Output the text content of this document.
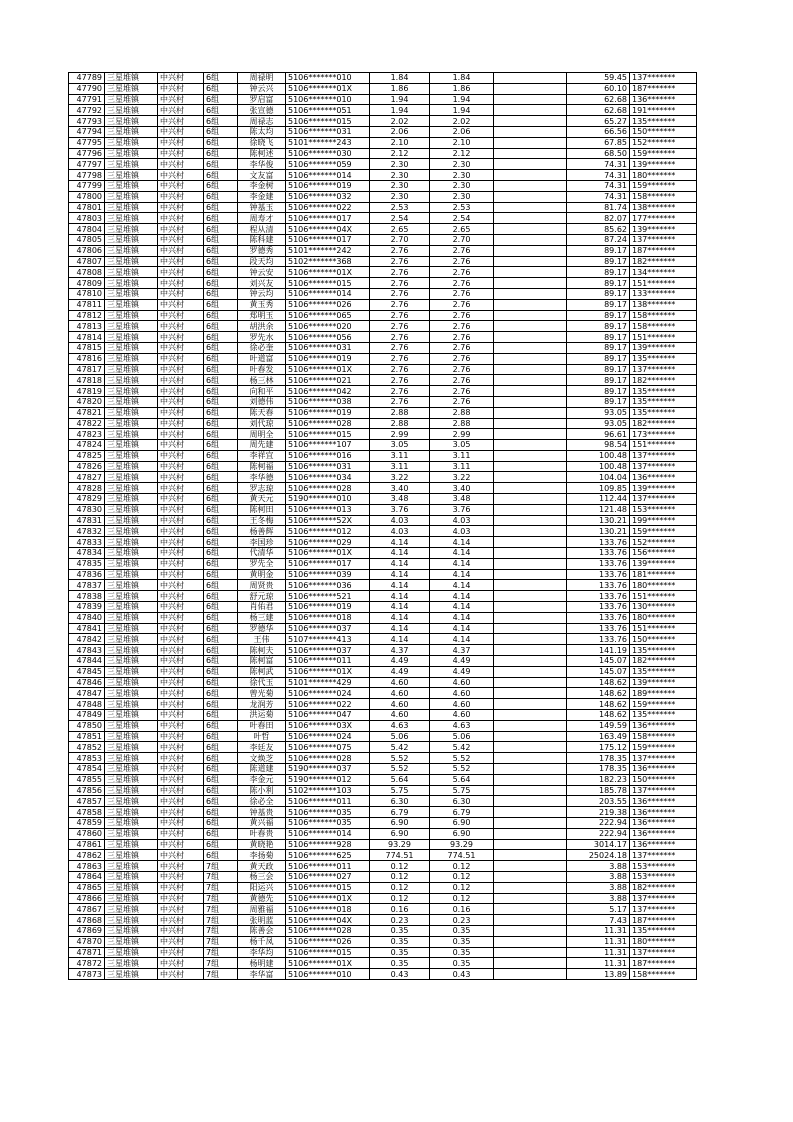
47789	三星堆镇	中兴村	6组	周禄明	5106*******010	1.84	1.84		59.45	137*******
47790	三星堆镇	中兴村	6组	钟云兴	5106*******01X	1.86	1.86		60.10	187*******
47791	三星堆镇	中兴村	6组	罗启富	5106*******010	1.94	1.94		62.68	136*******
47792	三星堆镇	中兴村	6组	张宣德	5106*******051	1.94	1.94		62.68	191*******
47793	三星堆镇	中兴村	6组	周禄志	5106*******015	2.02	2.02		65.27	135*******
47794	三星堆镇	中兴村	6组	陈太均	5106*******031	2.06	2.06		66.56	150*******
47795	三星堆镇	中兴村	6组	徐晓飞	5101*******243	2.10	2.10		67.85	152*******
47796	三星堆镇	中兴村	6组	陈柯述	5106*******030	2.12	2.12		68.50	159*******
47797	三星堆镇	中兴村	6组	李华俊	5106*******059	2.30	2.30		74.31	139*******
47798	三星堆镇	中兴村	6组	文友富	5106*******014	2.30	2.30		74.31	180*******
47799	三星堆镇	中兴村	6组	李金树	5106*******019	2.30	2.30		74.31	159*******
47800	三星堆镇	中兴村	6组	李金建	5106*******032	2.30	2.30		74.31	158*******
47801	三星堆镇	中兴村	6组	钟基玉	5106*******022	2.53	2.53		81.74	138*******
47803	三星堆镇	中兴村	6组	周寿才	5106*******017	2.54	2.54		82.07	177*******
47804	三星堆镇	中兴村	6组	程从清	5106*******04X	2.65	2.65		85.62	139*******
47805	三星堆镇	中兴村	6组	陈科建	5106*******017	2.70	2.70		87.24	137*******
47806	三星堆镇	中兴村	6组	罗德秀	5101*******242	2.76	2.76		89.17	187*******
47807	三星堆镇	中兴村	6组	段天均	5102*******368	2.76	2.76		89.17	182*******
47808	三星堆镇	中兴村	6组	钟云安	5106*******01X	2.76	2.76		89.17	134*******
47809	三星堆镇	中兴村	6组	刘兴友	5106*******015	2.76	2.76		89.17	151*******
47810	三星堆镇	中兴村	6组	钟云均	5106*******014	2.76	2.76		89.17	133*******
47811	三星堆镇	中兴村	6组	黄玉秀	5106*******026	2.76	2.76		89.17	138*******
47812	三星堆镇	中兴村	6组	郑明玉	5106*******065	2.76	2.76		89.17	158*******
47813	三星堆镇	中兴村	6组	胡洪余	5106*******020	2.76	2.76		89.17	158*******
47814	三星堆镇	中兴村	6组	罗先水	5106*******056	2.76	2.76		89.17	151*******
47815	三星堆镇	中兴村	6组	徐必奎	5106*******031	2.76	2.76		89.17	139*******
47816	三星堆镇	中兴村	6组	叶道富	5106*******019	2.76	2.76		89.17	135*******
47817	三星堆镇	中兴村	6组	叶春发	5106*******01X	2.76	2.76		89.17	137*******
47818	三星堆镇	中兴村	6组	杨三林	5106*******021	2.76	2.76		89.17	182*******
47819	三星堆镇	中兴村	6组	向和平	5106*******042	2.76	2.76		89.17	135*******
47820	三星堆镇	中兴村	6组	刘德伟	5106*******038	2.76	2.76		89.17	135*******
47821	三星堆镇	中兴村	6组	陈天春	5106*******019	2.88	2.88		93.05	135*******
47822	三星堆镇	中兴村	6组	刘代琼	5106*******028	2.88	2.88		93.05	182*******
47823	三星堆镇	中兴村	6组	周明全	5106*******015	2.99	2.99		96.61	173*******
47824	三星堆镇	中兴村	6组	周先建	5106*******107	3.05	3.05		98.54	151*******
47825	三星堆镇	中兴村	6组	李祥宜	5106*******016	3.11	3.11		100.48	137*******
47826	三星堆镇	中兴村	6组	陈柯福	5106*******031	3.11	3.11		100.48	137*******
47827	三星堆镇	中兴村	6组	李华德	5106*******034	3.22	3.22		104.04	136*******
47828	三星堆镇	中兴村	6组	罗志琼	5106*******028	3.40	3.40		109.85	139*******
47829	三星堆镇	中兴村	6组	黄天元	5190*******010	3.48	3.48		112.44	137*******
47830	三星堆镇	中兴村	6组	陈柯田	5106*******013	3.76	3.76		121.48	153*******
47831	三星堆镇	中兴村	6组	王冬梅	5106*******52X	4.03	4.03		130.21	199*******
47832	三星堆镇	中兴村	6组	杨善辉	5106*******012	4.03	4.03		130.21	159*******
47833	三星堆镇	中兴村	6组	李国珍	5106*******029	4.14	4.14		133.76	152*******
47834	三星堆镇	中兴村	6组	代清华	5106*******01X	4.14	4.14		133.76	156*******
47835	三星堆镇	中兴村	6组	罗先全	5106*******017	4.14	4.14		133.76	139*******
47836	三星堆镇	中兴村	6组	黄明金	5106*******039	4.14	4.14		133.76	181*******
47837	三星堆镇	中兴村	6组	周贤贵	5106*******036	4.14	4.14		133.76	180*******
47838	三星堆镇	中兴村	6组	舒元琼	5106*******521	4.14	4.14		133.76	151*******
47839	三星堆镇	中兴村	6组	肖佑君	5106*******019	4.14	4.14		133.76	130*******
47840	三星堆镇	中兴村	6组	杨三建	5106*******018	4.14	4.14		133.76	180*******
47841	三星堆镇	中兴村	6组	罗德华	5106*******037	4.14	4.14		133.76	151*******
47842	三星堆镇	中兴村	6组	王伟	5107*******413	4.14	4.14		133.76	150*******
47843	三星堆镇	中兴村	6组	陈柯夫	5106*******037	4.37	4.37		141.19	135*******
47844	三星堆镇	中兴村	6组	陈柯富	5106*******011	4.49	4.49		145.07	182*******
47845	三星堆镇	中兴村	6组	陈柯武	5106*******01X	4.49	4.49		145.07	135*******
47846	三星堆镇	中兴村	6组	徐代玉	5101*******429	4.60	4.60		148.62	139*******
47847	三星堆镇	中兴村	6组	曾光菊	5106*******024	4.60	4.60		148.62	189*******
47848	三星堆镇	中兴村	6组	龙润芳	5106*******022	4.60	4.60		148.62	159*******
47849	三星堆镇	中兴村	6组	洪运菊	5106*******047	4.60	4.60		148.62	135*******
47850	三星堆镇	中兴村	6组	叶春田	5106*******03X	4.63	4.63		149.59	136*******
47851	三星堆镇	中兴村	6组	叶哲	5106*******024	5.06	5.06		163.49	158*******
47852	三星堆镇	中兴村	6组	李廷友	5106*******075	5.42	5.42		175.12	159*******
47853	三星堆镇	中兴村	6组	文焕芝	5106*******028	5.52	5.52		178.35	137*******
47854	三星堆镇	中兴村	6组	陈道建	5190*******037	5.52	5.52		178.35	136*******
47855	三星堆镇	中兴村	6组	李金元	5190*******012	5.64	5.64		182.23	150*******
47856	三星堆镇	中兴村	6组	陈小利	5102*******103	5.75	5.75		185.78	137*******
47857	三星堆镇	中兴村	6组	徐必全	5106*******011	6.30	6.30		203.55	136*******
47858	三星堆镇	中兴村	6组	钟基贵	5106*******035	6.79	6.79		219.38	136*******
47859	三星堆镇	中兴村	6组	黄兴福	5106*******035	6.90	6.90		222.94	136*******
47860	三星堆镇	中兴村	6组	叶春贵	5106*******014	6.90	6.90		222.94	136*******
47861	三星堆镇	中兴村	6组	黄晓艳	5106*******928	93.29	93.29		3014.17	136*******
47862	三星堆镇	中兴村	6组	李扬菊	5106*******625	774.51	774.51		25024.18	137*******
47863	三星堆镇	中兴村	7组	黄天政	5106*******011	0.12	0.12		3.88	153*******
47864	三星堆镇	中兴村	7组	杨三会	5106*******027	0.12	0.12		3.88	153*******
47865	三星堆镇	中兴村	7组	阳运兴	5106*******015	0.12	0.12		3.88	182*******
47866	三星堆镇	中兴村	7组	黄德先	5106*******01X	0.12	0.12		3.88	137*******
47867	三星堆镇	中兴村	7组	周雅福	5106*******018	0.16	0.16		5.17	137*******
47868	三星堆镇	中兴村	7组	张明蓝	5106*******04X	0.23	0.23		7.43	187*******
47869	三星堆镇	中兴村	7组	陈善会	5106*******028	0.35	0.35		11.31	135*******
47870	三星堆镇	中兴村	7组	杨千凤	5106*******026	0.35	0.35		11.31	180*******
47871	三星堆镇	中兴村	7组	李华均	5106*******015	0.35	0.35		11.31	137*******
47872	三星堆镇	中兴村	7组	杨明建	5106*******01X	0.35	0.35		11.31	187*******
47873	三星堆镇	中兴村	7组	李华富	5106*******010	0.43	0.43		13.89	158*******
